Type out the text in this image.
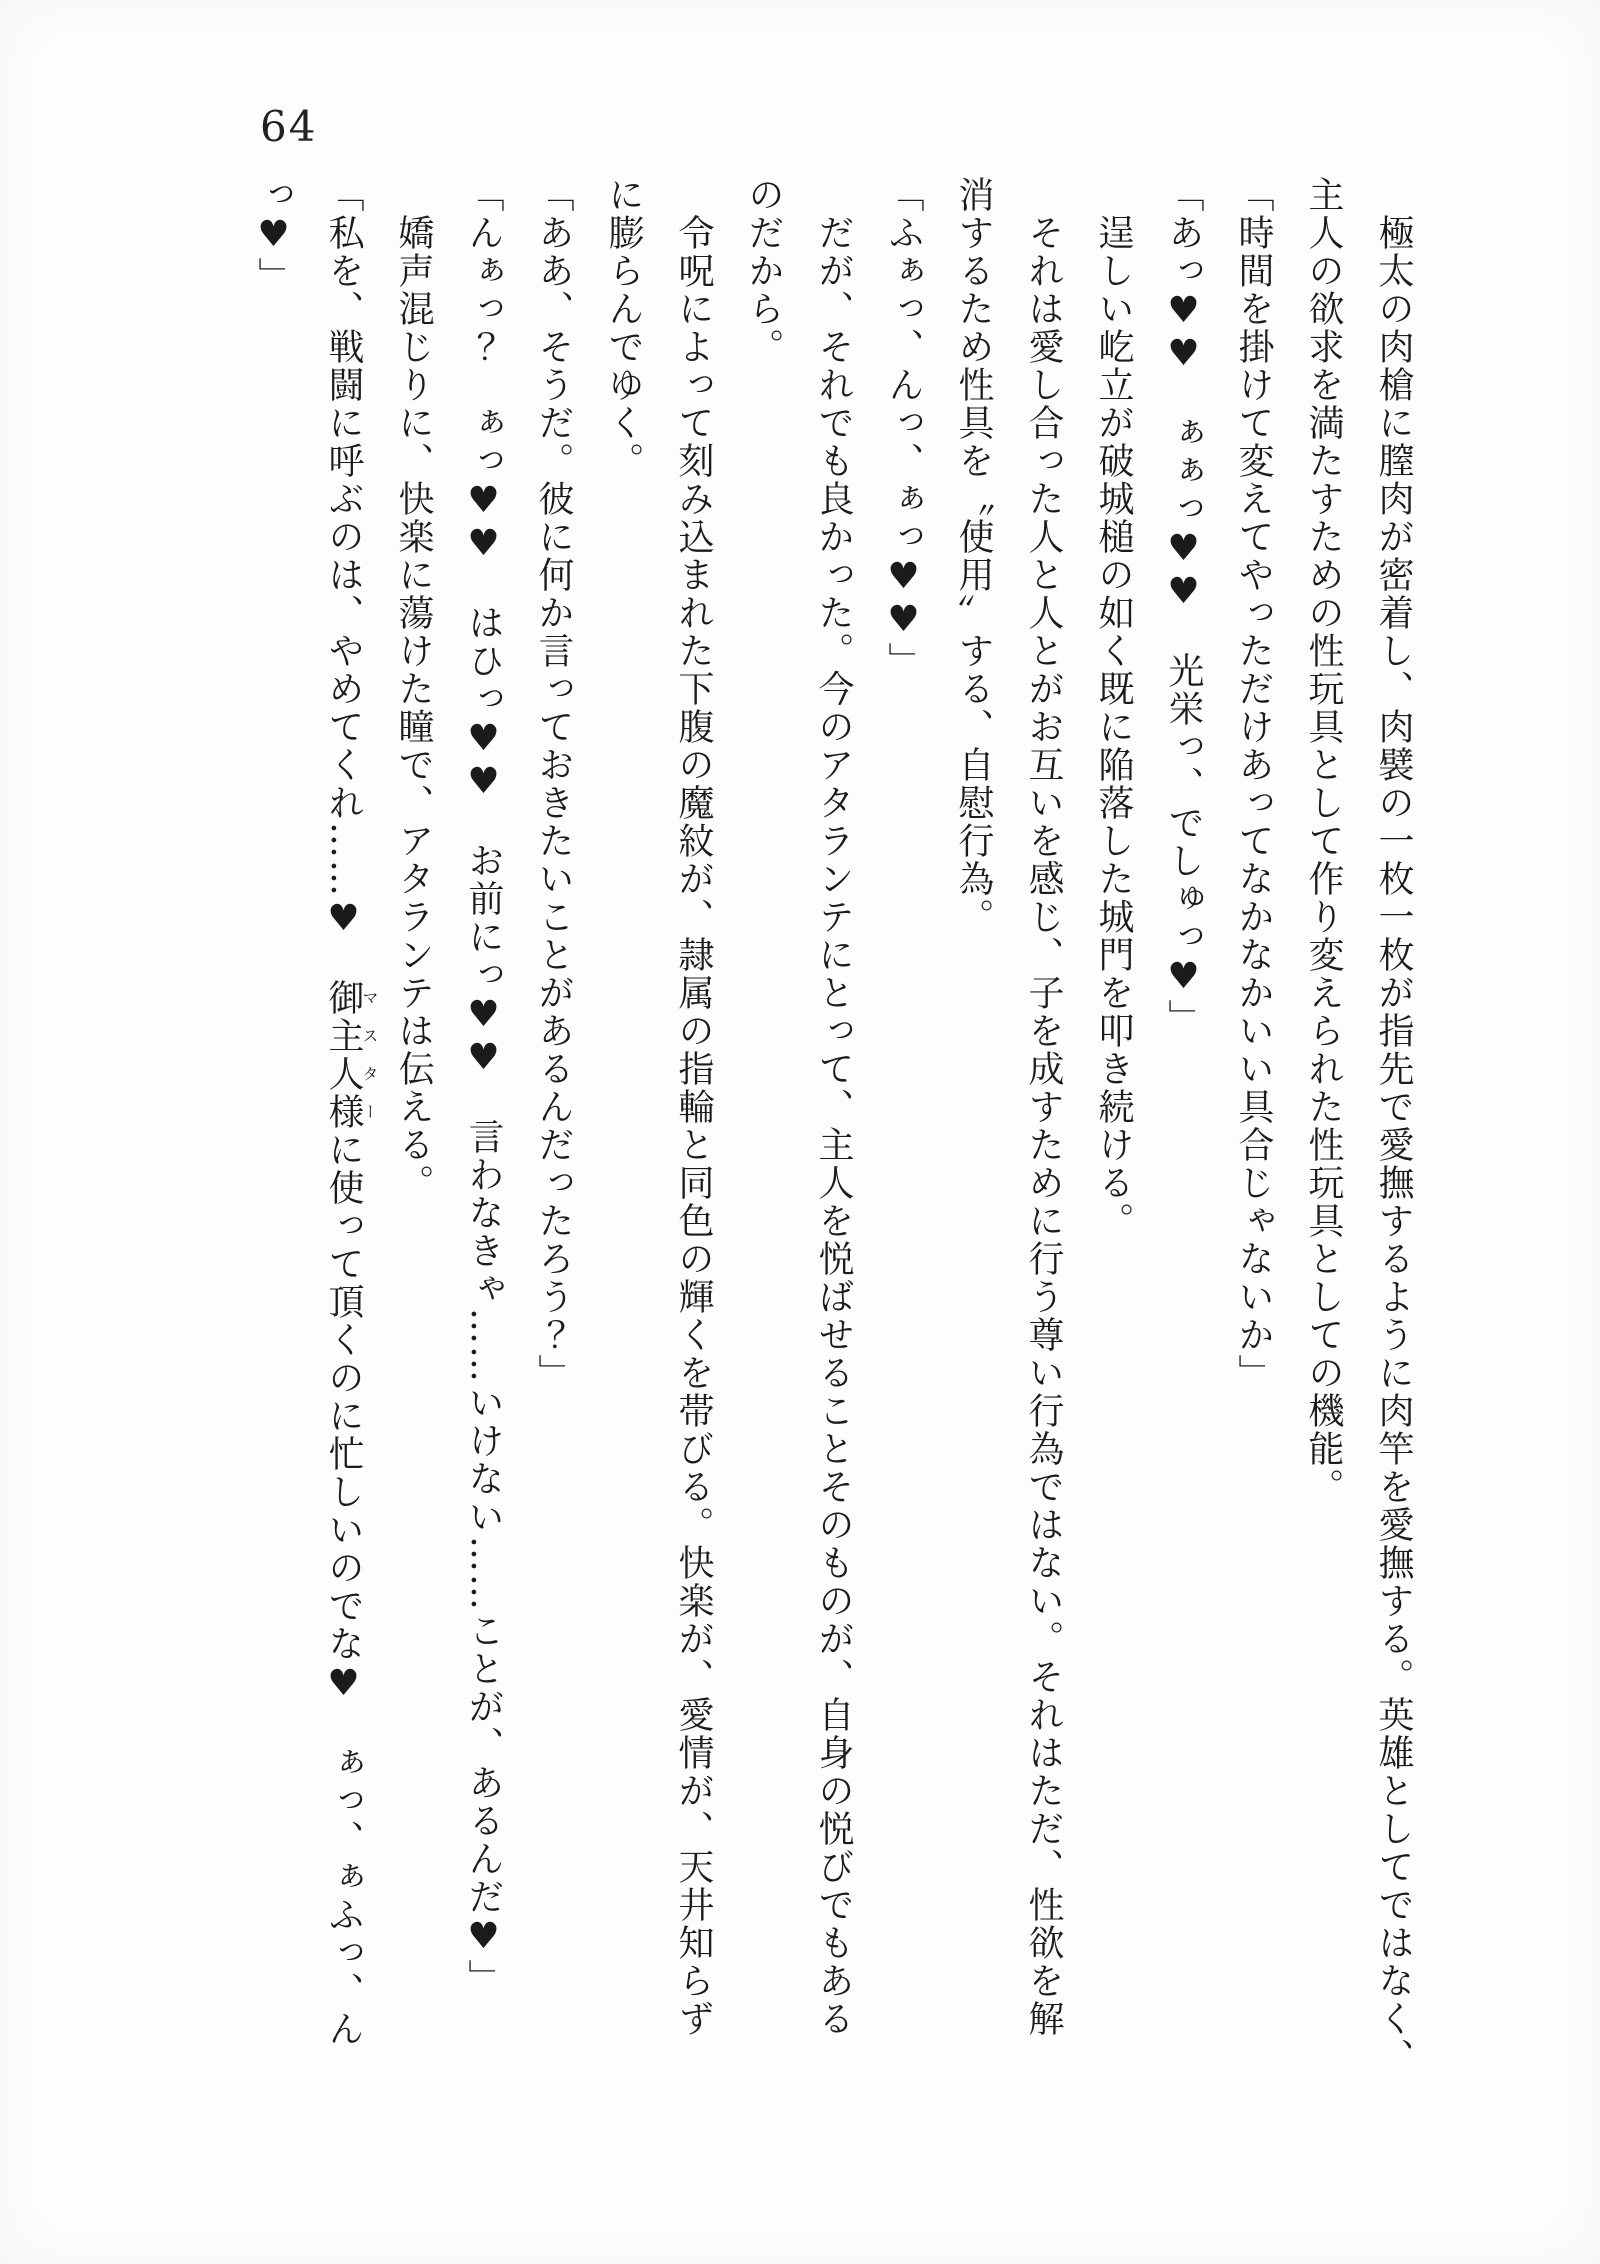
64

　極太の肉槍に膣肉が密着し、肉襞の一枚一枚が指先で愛撫するように肉竿を愛撫する。英雄としてではなく、

主人の欲求を満たすための性玩具として作り変えられた性玩具としての機能。

「時間を掛けて変えてやっただけあってなかなかいい具合じゃないか」

「あっ♥♥　ぁぁっ♥♥　光栄っ、でしゅっ♥」

　逞しい屹立が破城槌の如く既に陥落した城門を叩き続ける。

　それは愛し合った人と人とがお互いを感じ、子を成すために行う尊い行為ではない。それはただ、性欲を解

消するため性具を〝使用〟する、自慰行為。

「ふぁっ、んっ、ぁっ♥♥」

　だが、それでも良かった。今のアタランテにとって、主人を悦ばせることそのものが、自身の悦びでもある

のだから。

　令呪によって刻み込まれた下腹の魔紋が、隷属の指輪と同色の輝くを帯びる。快楽が、愛情が、天井知らず

に膨らんでゆく。

「ああ、そうだ。彼に何か言っておきたいことがあるんだったろう？」

「んぁっ？　ぁっ♥♥　はひっ♥♥　お前にっ♥♥　言わなきゃ……いけない……ことが、あるんだ♥」

　嬌声混じりに、快楽に蕩けた瞳で、アタランテは伝える。

「私を、戦闘に呼ぶのは、やめてくれ……♥　御主人様マスターに使って頂くのに忙しいのでな♥　ぁっ、ぁふっ、ん

っ♥」
